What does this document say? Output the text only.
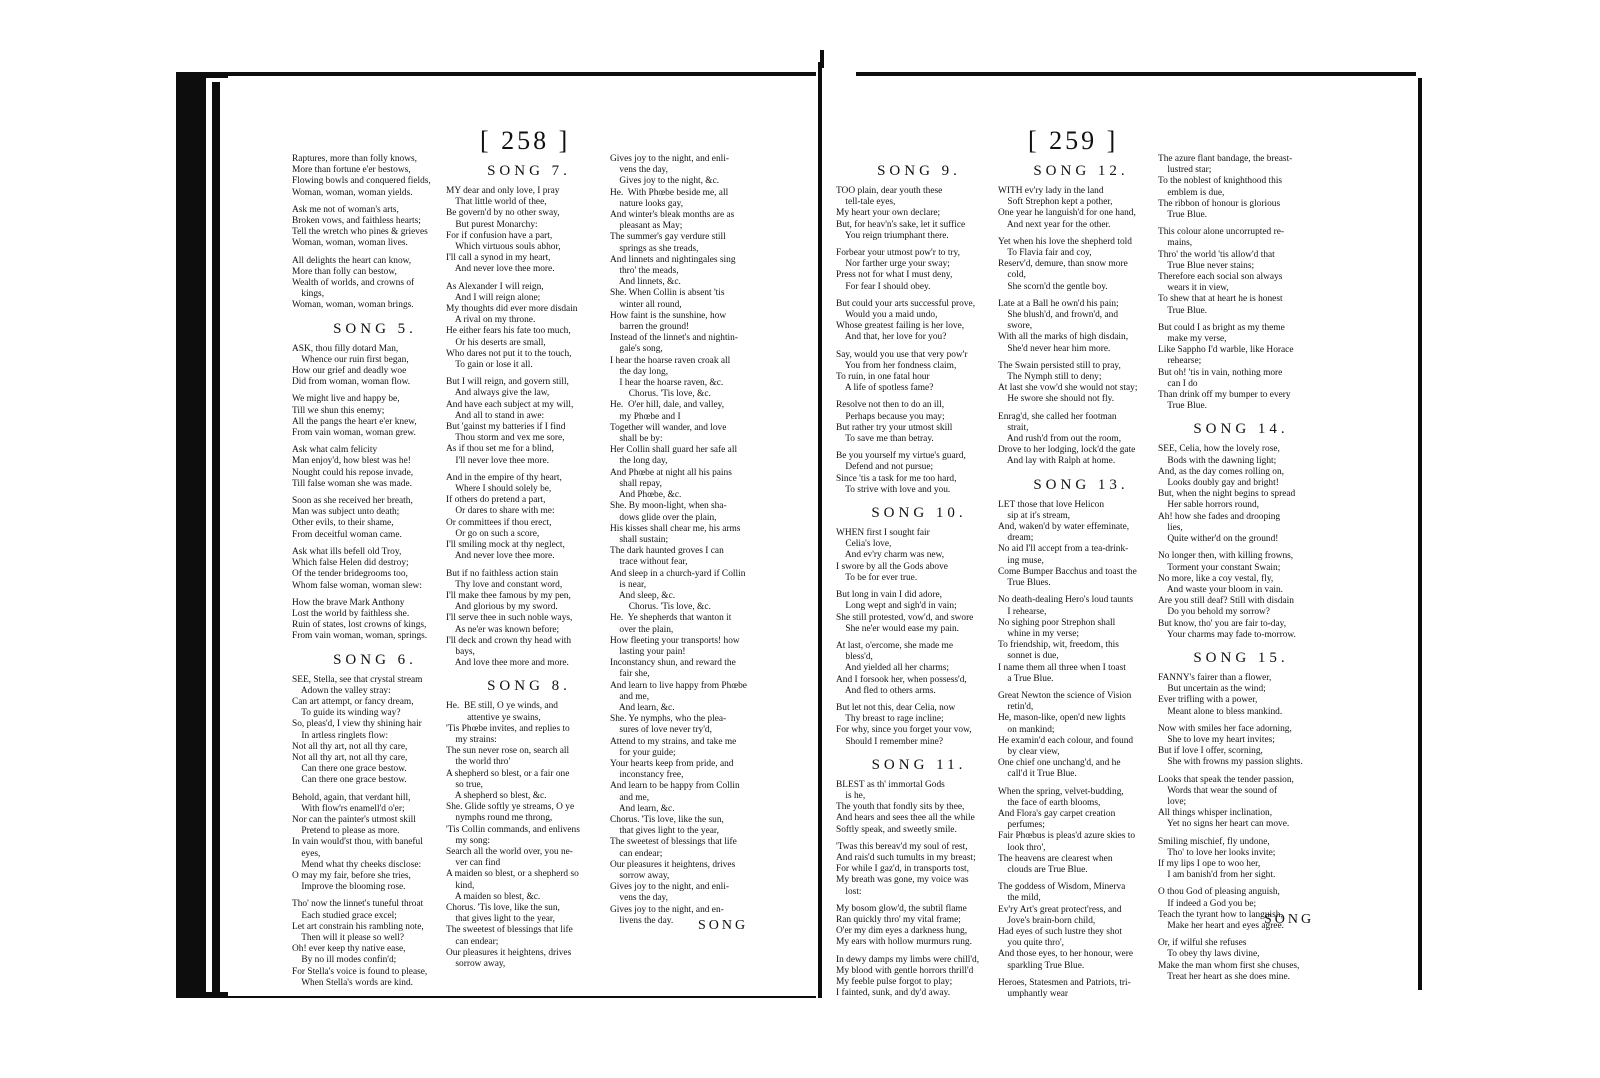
[ 258 ]
Raptures, more than folly knows,
More than fortune e'er bestows,
Flowing bowls and conquered fields,
Woman, woman, woman yields.
Ask me not of woman's arts,
Broken vows, and faithless hearts;
Tell the wretch who pines & grieves
Woman, woman, woman lives.
All delights the heart can know,
More than folly can bestow,
Wealth of worlds, and crowns of
kings,
Woman, woman, woman brings.
SONG 5.
ASK, thou filly dotard Man,
Whence our ruin first began,
How our grief and deadly woe
Did from woman, woman flow.
We might live and happy be,
Till we shun this enemy;
All the pangs the heart e'er knew,
From vain woman, woman grew.
Ask what calm felicity
Man enjoy'd, how blest was he!
Nought could his repose invade,
Till false woman she was made.
Soon as she received her breath,
Man was subject unto death;
Other evils, to their shame,
From deceitful woman came.
Ask what ills befell old Troy,
Which false Helen did destroy;
Of the tender bridegrooms too,
Whom false woman, woman slew:
How the brave Mark Anthony
Lost the world by faithless she.
Ruin of states, lost crowns of kings,
From vain woman, woman, springs.
SONG 6.
SEE, Stella, see that crystal stream
Adown the valley stray:
Can art attempt, or fancy dream,
To guide its winding way?
So, pleas'd, I view thy shining hair
In artless ringlets flow:
Not all thy art, not all thy care,
Not all thy art, not all thy care,
Can there one grace bestow.
Can there one grace bestow.
Behold, again, that verdant hill,
With flow'rs enamell'd o'er;
Nor can the painter's utmost skill
Pretend to please as more.
In vain would'st thou, with baneful
eyes,
Mend what thy cheeks disclose:
O may my fair, before she tries,
Improve the blooming rose.
Tho' now the linnet's tuneful throat
Each studied grace excel;
Let art constrain his rambling note,
Then will it please so well?
Oh! ever keep thy native ease,
By no ill modes confin'd;
For Stella's voice is found to please,
When Stella's words are kind.
SONG 7.
MY dear and only love, I pray
That little world of thee,
Be govern'd by no other sway,
But purest Monarchy:
For if confusion have a part,
Which virtuous souls abhor,
I'll call a synod in my heart,
And never love thee more.
As Alexander I will reign,
And I will reign alone;
My thoughts did ever more disdain
A rival on my throne.
He either fears his fate too much,
Or his deserts are small,
Who dares not put it to the touch,
To gain or lose it all.
But I will reign, and govern still,
And always give the law,
And have each subject at my will,
And all to stand in awe:
But 'gainst my batteries if I find
Thou storm and vex me sore,
As if thou set me for a blind,
I'll never love thee more.
And in the empire of thy heart,
Where I should solely be,
If others do pretend a part,
Or dares to share with me:
Or committees if thou erect,
Or go on such a score,
I'll smiling mock at thy neglect,
And never love thee more.
But if no faithless action stain
Thy love and constant word,
I'll make thee famous by my pen,
And glorious by my sword.
I'll serve thee in such noble ways,
As ne'er was known before;
I'll deck and crown thy head with
bays,
And love thee more and more.
SONG 8.
He.  BE still, O ye winds, and
attentive ye swains,
'Tis Phœbe invites, and replies to
my strains:
The sun never rose on, search all
the world thro'
A shepherd so blest, or a fair one
so true,
A shepherd so blest, &c.
She. Glide softly ye streams, O ye
nymphs round me throng,
'Tis Collin commands, and enlivens
my song:
Search all the world over, you ne-
ver can find
A maiden so blest, or a shepherd so
kind,
A maiden so blest, &c.
Chorus. 'Tis love, like the sun,
that gives light to the year,
The sweetest of blessings that life
can endear;
Our pleasures it heightens, drives
sorrow away,
Gives joy to the night, and enli-
vens the day,
Gives joy to the night, &c.
He.  With Phœbe beside me, all
nature looks gay,
And winter's bleak months are as
pleasant as May;
The summer's gay verdure still
springs as she treads,
And linnets and nightingales sing
thro' the meads,
And linnets, &c.
She. When Collin is absent 'tis
winter all round,
How faint is the sunshine, how
barren the ground!
Instead of the linnet's and nightin-
gale's song,
I hear the hoarse raven croak all
the day long,
I hear the hoarse raven, &c.
Chorus. 'Tis love, &c.
He.  O'er hill, dale, and valley,
my Phœbe and I
Together will wander, and love
shall be by:
Her Collin shall guard her safe all
the long day,
And Phœbe at night all his pains
shall repay,
And Phœbe, &c.
She. By moon-light, when sha-
dows glide over the plain,
His kisses shall chear me, his arms
shall sustain;
The dark haunted groves I can
trace without fear,
And sleep in a church-yard if Collin
is near,
And sleep, &c.
Chorus. 'Tis love, &c.
He.  Ye shepherds that wanton it
over the plain,
How fleeting your transports! how
lasting your pain!
Inconstancy shun, and reward the
fair she,
And learn to live happy from Phœbe
and me,
And learn, &c.
She. Ye nymphs, who the plea-
sures of love never try'd,
Attend to my strains, and take me
for your guide;
Your hearts keep from pride, and
inconstancy free,
And learn to be happy from Collin
and me,
And learn, &c.
Chorus. 'Tis love, like the sun,
that gives light to the year,
The sweetest of blessings that life
can endear;
Our pleasures it heightens, drives
sorrow away,
Gives joy to the night, and enli-
vens the day,
Gives joy to the night, and en-
livens the day.	SONG
[ 259 ]
SONG 9.
TOO plain, dear youth these
tell-tale eyes,
My heart your own declare;
But, for heav'n's sake, let it suffice
You reign triumphant there.
Forbear your utmost pow'r to try,
Nor farther urge your sway;
Press not for what I must deny,
For fear I should obey.
But could your arts successful prove,
Would you a maid undo,
Whose greatest failing is her love,
And that, her love for you?
Say, would you use that very pow'r
You from her fondness claim,
To ruin, in one fatal hour
A life of spotless fame?
Resolve not then to do an ill,
Perhaps because you may;
But rather try your utmost skill
To save me than betray.
Be you yourself my virtue's guard,
Defend and not pursue;
Since 'tis a task for me too hard,
To strive with love and you.
SONG 10.
WHEN first I sought fair
Celia's love,
And ev'ry charm was new,
I swore by all the Gods above
To be for ever true.
But long in vain I did adore,
Long wept and sigh'd in vain;
She still protested, vow'd, and swore
She ne'er would ease my pain.
At last, o'ercome, she made me
bless'd,
And yielded all her charms;
And I forsook her, when possess'd,
And fled to others arms.
But let not this, dear Celia, now
Thy breast to rage incline;
For why, since you forget your vow,
Should I remember mine?
SONG 11.
BLEST as th' immortal Gods
is he,
The youth that fondly sits by thee,
And hears and sees thee all the while
Softly speak, and sweetly smile.
'Twas this bereav'd my soul of rest,
And rais'd such tumults in my breast;
For while I gaz'd, in transports tost,
My breath was gone, my voice was
lost:
My bosom glow'd, the subtil flame
Ran quickly thro' my vital frame;
O'er my dim eyes a darkness hung,
My ears with hollow murmurs rung.
In dewy damps my limbs were chill'd,
My blood with gentle horrors thrill'd
My feeble pulse forgot to play;
I fainted, sunk, and dy'd away.
SONG 12.
WITH ev'ry lady in the land
Soft Strephon kept a pother,
One year he languish'd for one hand,
And next year for the other.
Yet when his love the shepherd told
To Flavia fair and coy,
Reserv'd, demure, than snow more
cold,
She scorn'd the gentle boy.
Late at a Ball he own'd his pain;
She blush'd, and frown'd, and
swore,
With all the marks of high disdain,
She'd never hear him more.
The Swain persisted still to pray,
The Nymph still to deny;
At last she vow'd she would not stay;
He swore she should not fly.
Enrag'd, she called her footman
strait,
And rush'd from out the room,
Drove to her lodging, lock'd the gate
And lay with Ralph at home.
SONG 13.
LET those that love Helicon
sip at it's stream,
And, waken'd by water effeminate,
dream;
No aid I'll accept from a tea-drink-
ing muse,
Come Bumper Bacchus and toast the
True Blues.
No death-dealing Hero's loud taunts
I rehearse,
No sighing poor Strephon shall
whine in my verse;
To friendship, wit, freedom, this
sonnet is due,
I name them all three when I toast
a True Blue.
Great Newton the science of Vision
retin'd,
He, mason-like, open'd new lights
on mankind;
He examin'd each colour, and found
by clear view,
One chief one unchang'd, and he
call'd it True Blue.
When the spring, velvet-budding,
the face of earth blooms,
And Flora's gay carpet creation
perfumes;
Fair Phœbus is pleas'd azure skies to
look thro',
The heavens are clearest when
clouds are True Blue.
The goddess of Wisdom, Minerva
the mild,
Ev'ry Art's great protect'ress, and
Jove's brain-born child,
Had eyes of such lustre they shot
you quite thro',
And those eyes, to her honour, were
sparkling True Blue.
Heroes, Statesmen and Patriots, tri-
umphantly wear
The azure flant bandage, the breast-
lustred star;
To the noblest of knighthood this
emblem is due,
The ribbon of honour is glorious
True Blue.
This colour alone uncorrupted re-
mains,
Thro' the world 'tis allow'd that
True Blue never stains;
Therefore each social son always
wears it in view,
To shew that at heart he is honest
True Blue.
But could I as bright as my theme
make my verse,
Like Sappho I'd warble, like Horace
rehearse;
But oh! 'tis in vain, nothing more
can I do
Than drink off my bumper to every
True Blue.
SONG 14.
SEE, Celia, how the lovely rose,
Bods with the dawning light;
And, as the day comes rolling on,
Looks doubly gay and bright!
But, when the night begins to spread
Her sable horrors round,
Ah! how she fades and drooping
lies,
Quite wither'd on the ground!
No longer then, with killing frowns,
Torment your constant Swain;
No more, like a coy vestal, fly,
And waste your bloom in vain.
Are you still deaf? Still with disdain
Do you behold my sorrow?
But know, tho' you are fair to-day,
Your charms may fade to-morrow.
SONG 15.
FANNY's fairer than a flower,
But uncertain as the wind;
Ever trifling with a power,
Meant alone to bless mankind.
Now with smiles her face adorning,
She to love my heart invites;
But if love I offer, scorning,
She with frowns my passion slights.
Looks that speak the tender passion,
Words that wear the sound of
love;
All things whisper inclination,
Yet no signs her heart can move.
Smiling mischief, fly undone,
Tho' to love her looks invite;
If my lips I ope to woo her,
I am banish'd from her sight.
O thou God of pleasing anguish,
If indeed a God you be;
Teach the tyrant how to languish,
Make her heart and eyes agree.
Or, if wilful she refuses
To obey thy laws divine,
Make the man whom first she chuses,
Treat her heart as she does mine.
SONG
